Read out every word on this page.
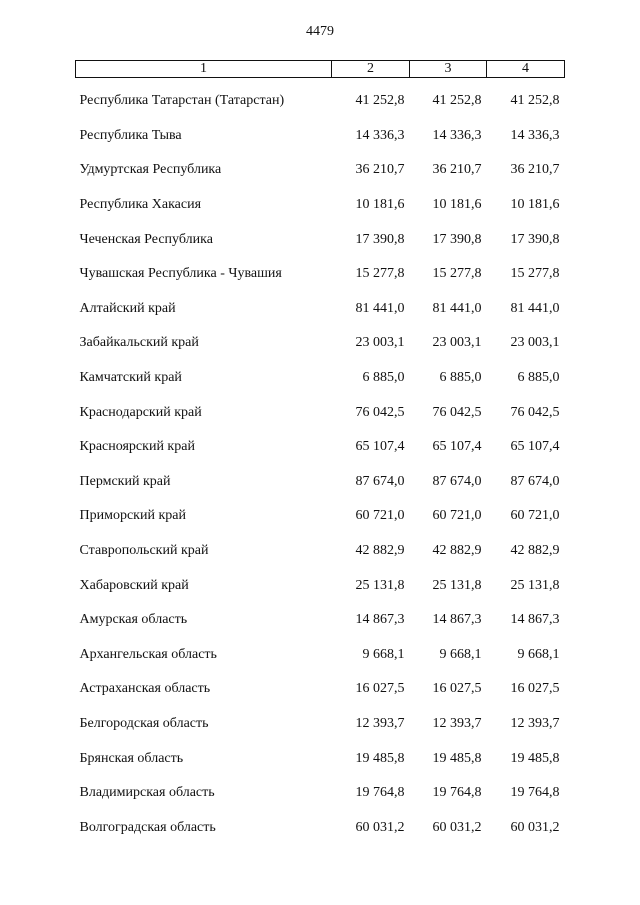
4479
1	2	3	4
Республика Татарстан (Татарстан)	41 252,8	41 252,8	41 252,8
Республика Тыва	14 336,3	14 336,3	14 336,3
Удмуртская Республика	36 210,7	36 210,7	36 210,7
Республика Хакасия	10 181,6	10 181,6	10 181,6
Чеченская Республика	17 390,8	17 390,8	17 390,8
Чувашская Республика - Чувашия	15 277,8	15 277,8	15 277,8
Алтайский край	81 441,0	81 441,0	81 441,0
Забайкальский край	23 003,1	23 003,1	23 003,1
Камчатский край	6 885,0	6 885,0	6 885,0
Краснодарский край	76 042,5	76 042,5	76 042,5
Красноярский край	65 107,4	65 107,4	65 107,4
Пермский край	87 674,0	87 674,0	87 674,0
Приморский край	60 721,0	60 721,0	60 721,0
Ставропольский край	42 882,9	42 882,9	42 882,9
Хабаровский край	25 131,8	25 131,8	25 131,8
Амурская область	14 867,3	14 867,3	14 867,3
Архангельская область	9 668,1	9 668,1	9 668,1
Астраханская область	16 027,5	16 027,5	16 027,5
Белгородская область	12 393,7	12 393,7	12 393,7
Брянская область	19 485,8	19 485,8	19 485,8
Владимирская область	19 764,8	19 764,8	19 764,8
Волгоградская область	60 031,2	60 031,2	60 031,2
